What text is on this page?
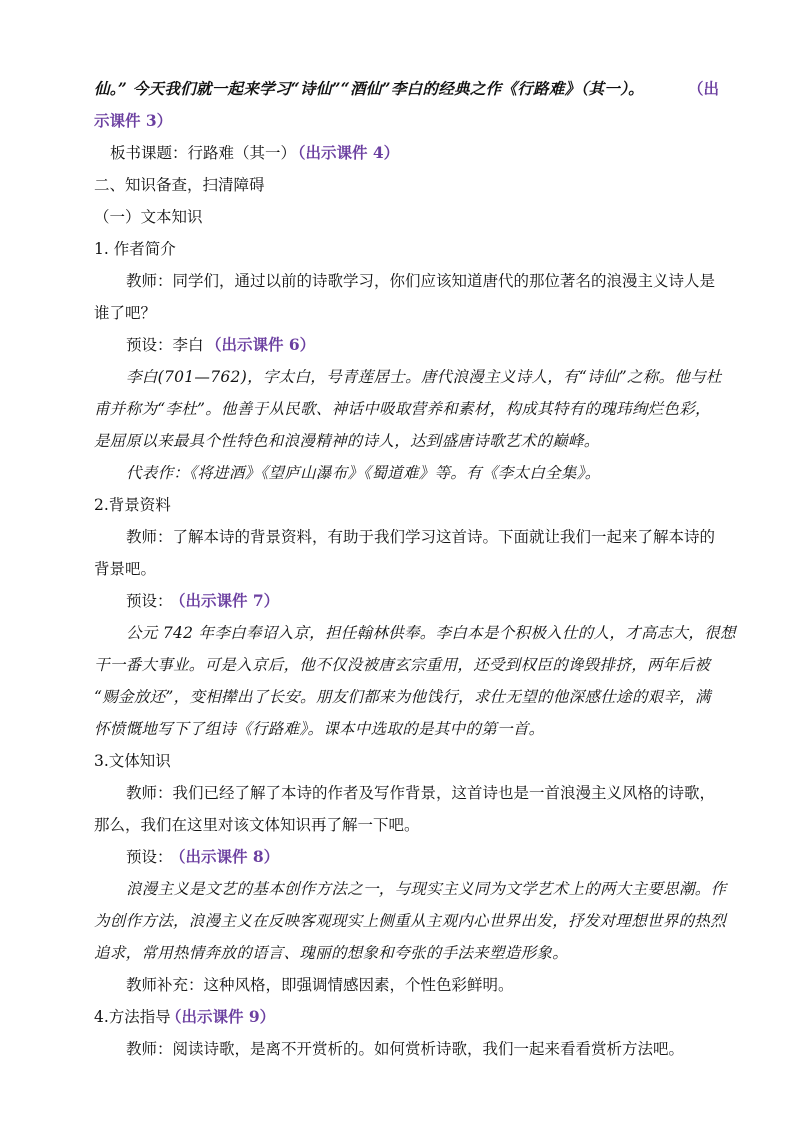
仙。” 今天我们就一起来学习“诗仙”“酒仙”李白的经典之作《行路难》（其一）。	（出
示课件 3）
板书课题：行路难（其一）
（出示课件 4）
二、知识备查，扫清障碍
（一）文本知识
1. 作者简介
教师：同学们，通过以前的诗歌学习，你们应该知道唐代的那位著名的浪漫主义诗人是
谁了吧？
预设：李白 （出示课件 6）
李白(701—762)，字太白，号青莲居士。唐代浪漫主义诗人，有“诗仙”之称。他与杜
甫并称为“李杜”。他善于从民歌、神话中吸取营养和素材，构成其特有的瑰玮绚烂色彩，
是屈原以来最具个性特色和浪漫精神的诗人，达到盛唐诗歌艺术的巅峰。
代表作：《将进酒》《望庐山瀑布》《蜀道难》等。有《李太白全集》。
2.背景资料
教师：了解本诗的背景资料，有助于我们学习这首诗。下面就让我们一起来了解本诗的
背景吧。
预设：
（出示课件 7）
公元 742 年李白奉诏入京，担任翰林供奉。李白本是个积极入仕的人，才高志大，很想
干一番大事业。可是入京后，他不仅没被唐玄宗重用，还受到权臣的谗毁排挤，两年后被
“赐金放还”，变相撵出了长安。朋友们都来为他饯行，求仕无望的他深感仕途的艰辛，满
怀愤慨地写下了组诗《行路难》。课本中选取的是其中的第一首。
3.文体知识
教师：我们已经了解了本诗的作者及写作背景，这首诗也是一首浪漫主义风格的诗歌，
那么，我们在这里对该文体知识再了解一下吧。
预设：
（出示课件 8）
浪漫主义是文艺的基本创作方法之一，与现实主义同为文学艺术上的两大主要思潮。作
为创作方法，浪漫主义在反映客观现实上侧重从主观内心世界出发，抒发对理想世界的热烈
追求，常用热情奔放的语言、瑰丽的想象和夸张的手法来塑造形象。
教师补充：这种风格，即强调情感因素，个性色彩鲜明。
4.方法指导
（出示课件 9）
教师：阅读诗歌，是离不开赏析的。如何赏析诗歌，我们一起来看看赏析方法吧。
